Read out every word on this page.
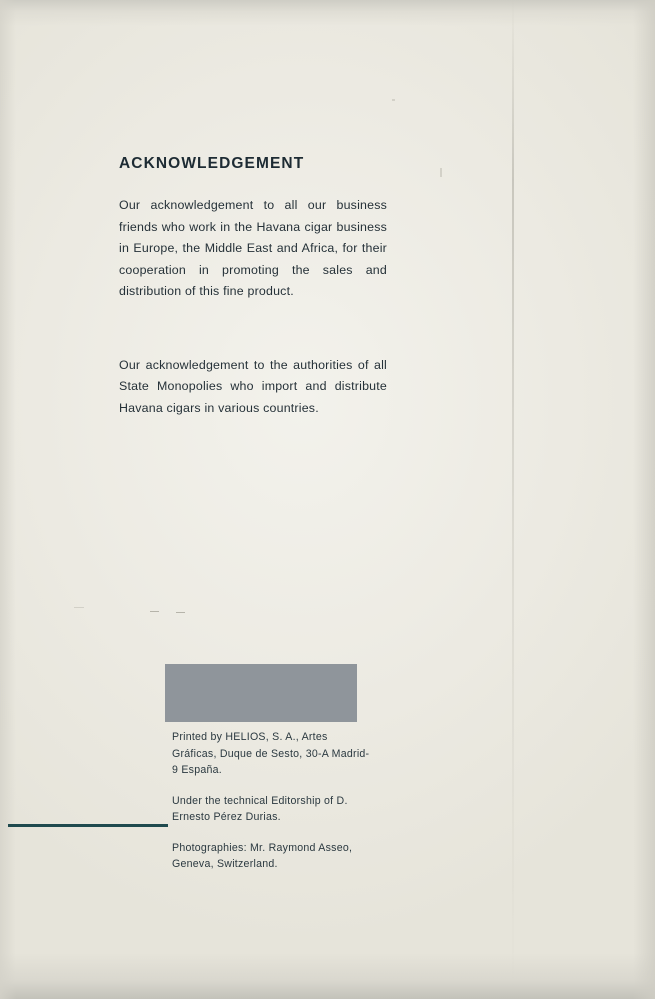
ACKNOWLEDGEMENT

Our acknowledgement to all our business friends who work in the Havana cigar business in Europe, the Middle East and Africa, for their cooperation in promoting the sales and distribution of this fine product.

Our acknowledgement to the authorities of all State Monopolies who import and distribute Havana cigars in various countries.

Printed by HELIOS, S. A., Artes Gráficas, Duque de Sesto, 30-A Madrid-9 España.

Under the technical Editorship of D. Ernesto Pérez Durias.

Photographies: Mr. Raymond Asseo, Geneva, Switzerland.
